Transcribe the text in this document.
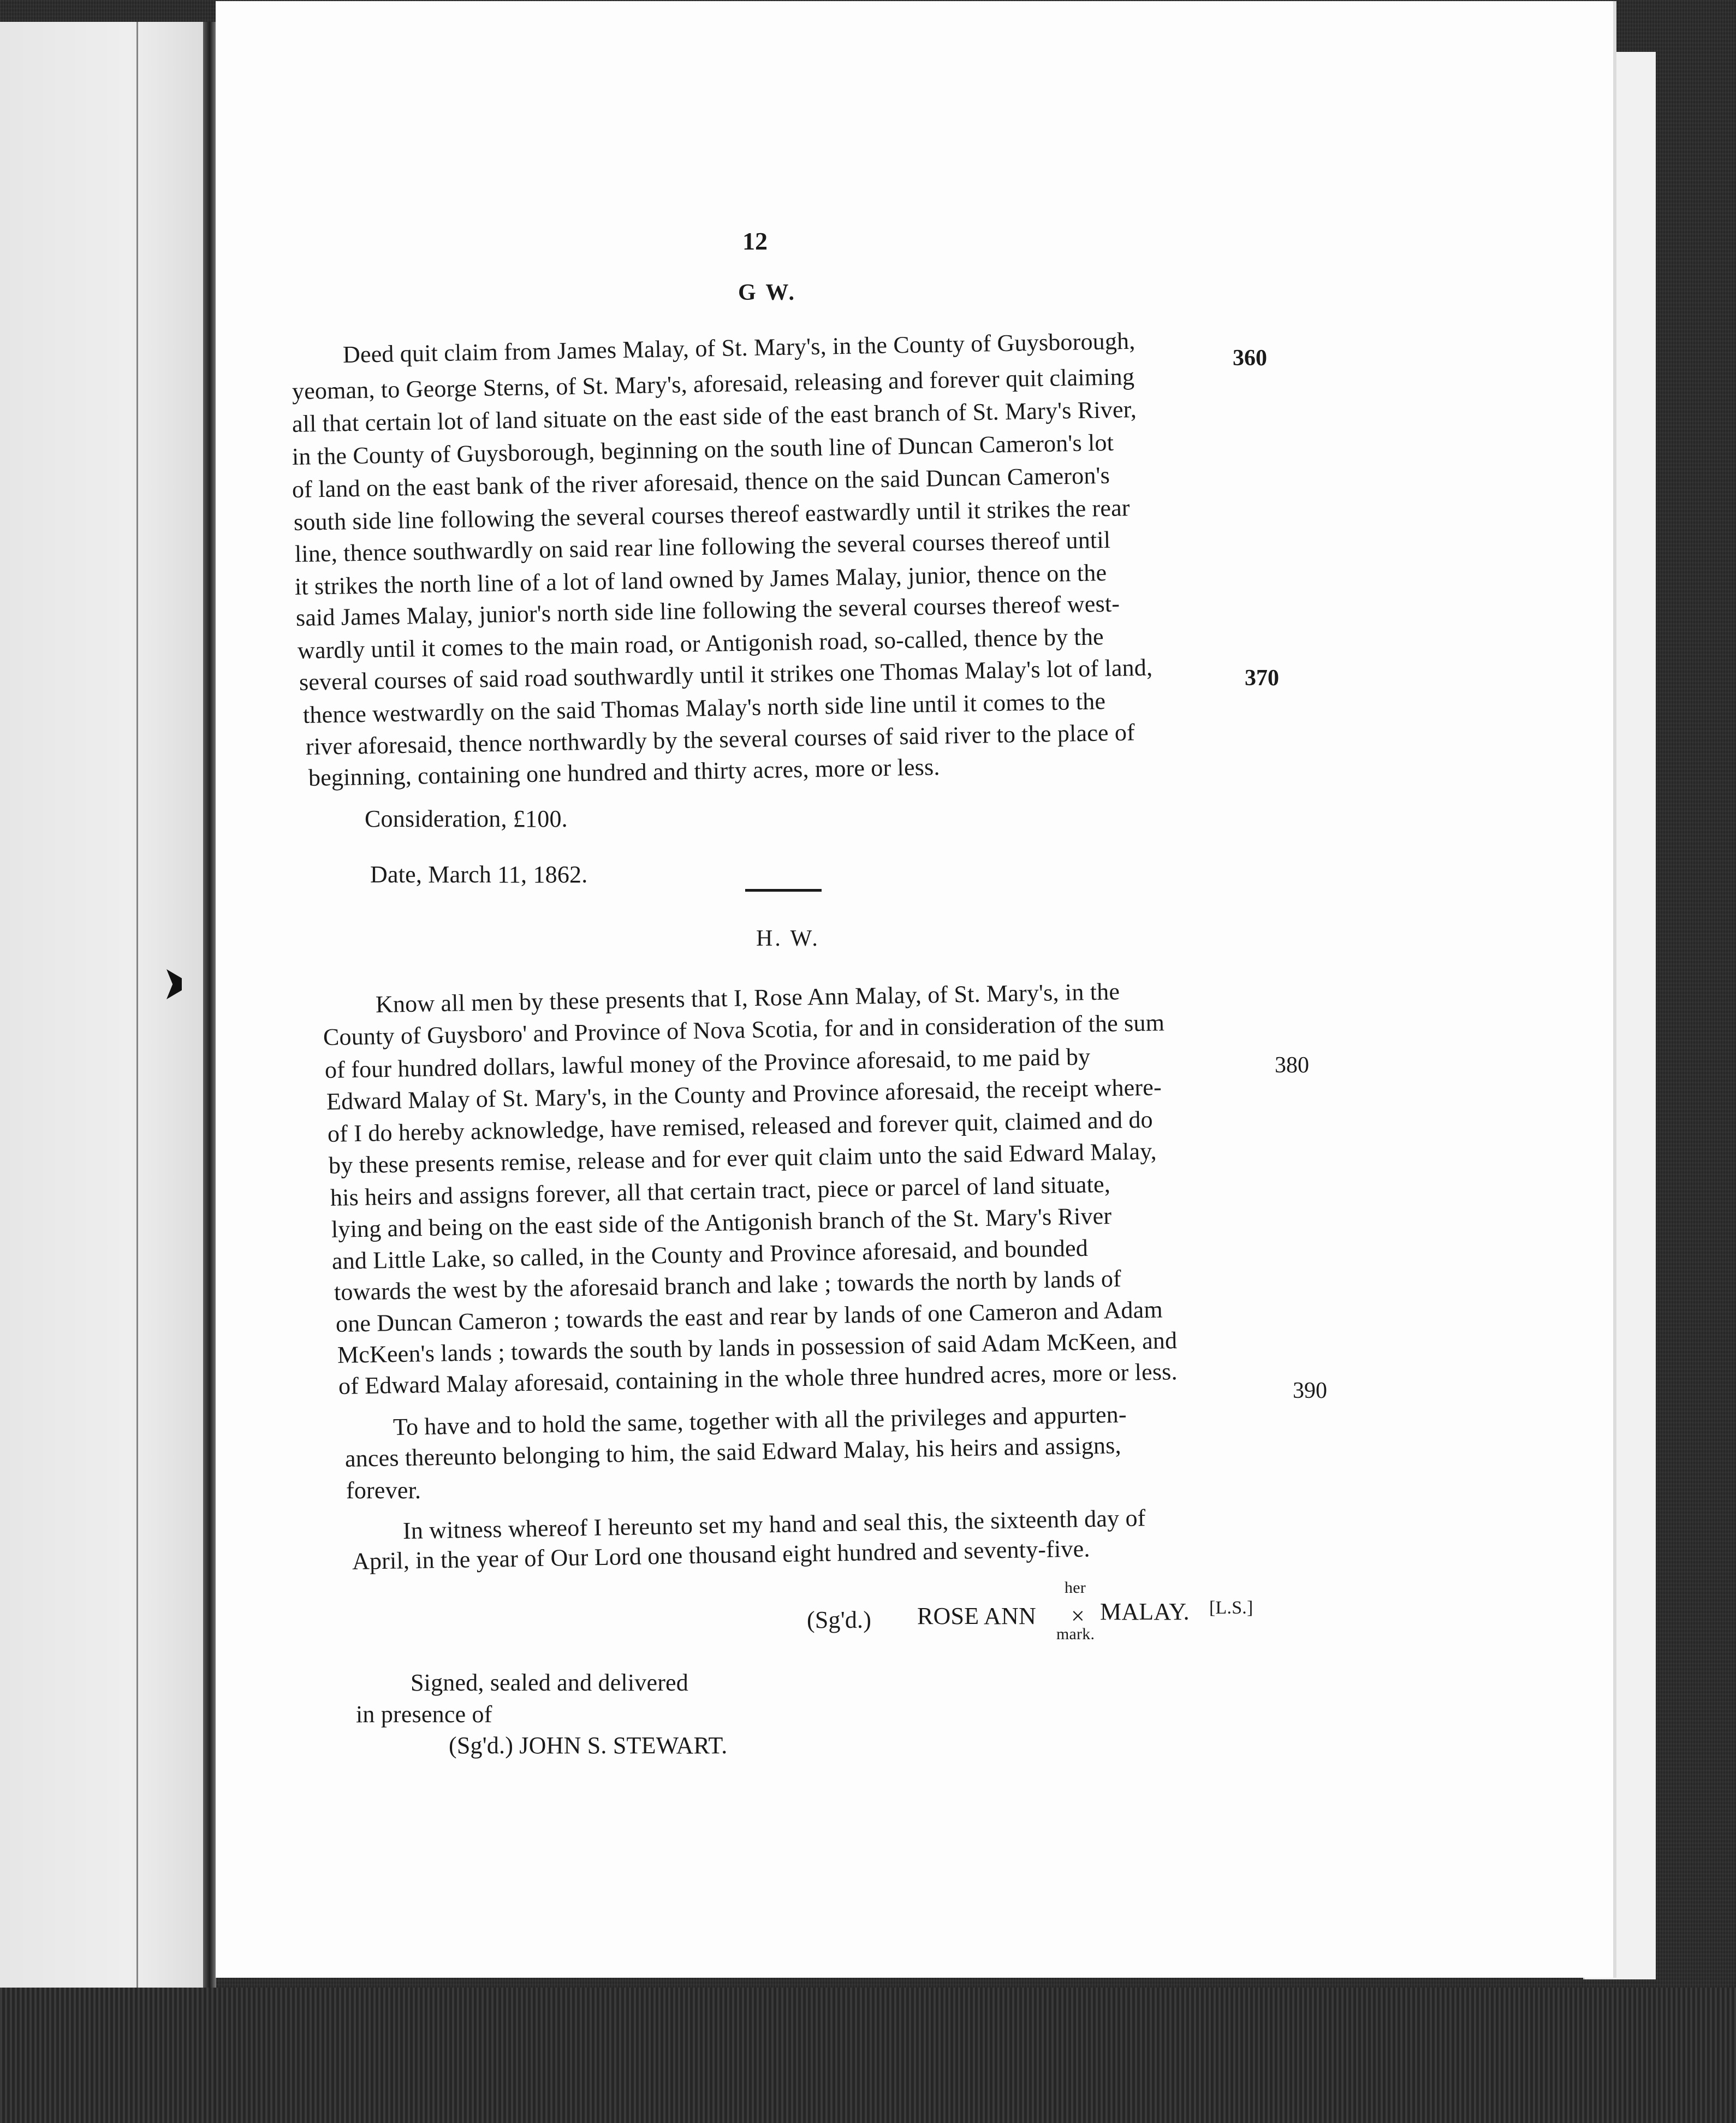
12
G W.
Deed quit claim from James Malay, of St. Mary's, in the County of Guysborough,
yeoman, to George Sterns, of St. Mary's, aforesaid, releasing and forever quit claiming
all that certain lot of land situate on the east side of the east branch of St. Mary's River,
in the County of Guysborough, beginning on the south line of Duncan Cameron's lot
of land on the east bank of the river aforesaid, thence on the said Duncan Cameron's
south side line following the several courses thereof eastwardly until it strikes the rear
line, thence southwardly on said rear line following the several courses thereof until
it strikes the north line of a lot of land owned by James Malay, junior, thence on the
said James Malay, junior's north side line following the several courses thereof west-
wardly until it comes to the main road, or Antigonish road, so-called, thence by the
several courses of said road southwardly until it strikes one Thomas Malay's lot of land,
thence westwardly on the said Thomas Malay's north side line until it comes to the
river aforesaid, thence northwardly by the several courses of said river to the place of
beginning, containing one hundred and thirty acres, more or less.
Consideration, £100.
Date, March 11, 1862.
360
370
380
390
H. W.
Know all men by these presents that I, Rose Ann Malay, of St. Mary's, in the
County of Guysboro' and Province of Nova Scotia, for and in consideration of the sum
of four hundred dollars, lawful money of the Province aforesaid, to me paid by
Edward Malay of St. Mary's, in the County and Province aforesaid, the receipt where-
of I do hereby acknowledge, have remised, released and forever quit, claimed and do
by these presents remise, release and for ever quit claim unto the said Edward Malay,
his heirs and assigns forever, all that certain tract, piece or parcel of land situate,
lying and being on the east side of the Antigonish branch of the St. Mary's River
and Little Lake, so called, in the County and Province aforesaid, and bounded
towards the west by the aforesaid branch and lake ; towards the north by lands of
one Duncan Cameron ; towards the east and rear by lands of one Cameron and Adam
McKeen's lands ; towards the south by lands in possession of said Adam McKeen, and
of Edward Malay aforesaid, containing in the whole three hundred acres, more or less.
To have and to hold the same, together with all the privileges and appurten-
ances thereunto belonging to him, the said Edward Malay, his heirs and assigns,
forever.
In witness whereof I hereunto set my hand and seal this, the sixteenth day of
April, in the year of Our Lord one thousand eight hundred and seventy-five.
(Sg'd.) ROSE ANN
her
×
mark.
MALAY. [L.S.]
Signed, sealed and delivered
in presence of
(Sg'd.) JOHN S. STEWART.
